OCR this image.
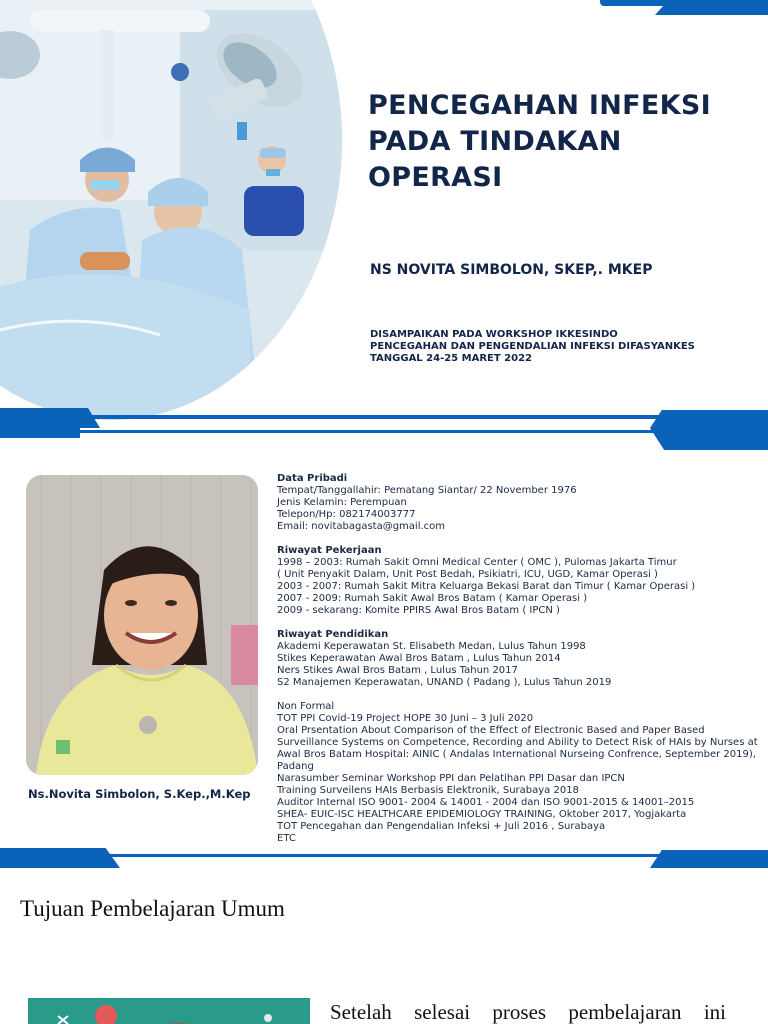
PENCEGAHAN INFEKSI
PADA TINDAKAN
OPERASI
NS NOVITA SIMBOLON, SKEP,. MKEP
DISAMPAIKAN PADA WORKSHOP IKKESINDO
PENCEGAHAN DAN PENGENDALIAN INFEKSI DIFASYANKES
TANGGAL 24-25 MARET 2022
Ns.Novita Simbolon, S.Kep.,M.Kep
Data Pribadi
Tempat/Tanggallahir: Pematang Siantar/ 22 November 1976
Jenis Kelamin: Perempuan
Telepon/Hp: 082174003777
Email: novitabagasta@gmail.com
Riwayat Pekerjaan
1998 – 2003: Rumah Sakit Omni Medical Center ( OMC ), Pulomas Jakarta Timur
( Unit Penyakit Dalam, Unit Post Bedah, Psikiatri, ICU, UGD, Kamar Operasi )
2003 - 2007: Rumah Sakit Mitra Keluarga Bekasi Barat dan Timur ( Kamar Operasi )
2007 - 2009: Rumah Sakit Awal Bros Batam ( Kamar Operasi )
2009 - sekarang: Komite PPIRS Awal Bros Batam ( IPCN )
Riwayat Pendidikan
Akademi Keperawatan St. Elisabeth Medan, Lulus Tahun 1998
Stikes Keperawatan Awal Bros Batam , Lulus Tahun 2014
Ners Stikes Awal Bros Batam , Lulus Tahun 2017
S2 Manajemen Keperawatan, UNAND ( Padang ), Lulus Tahun 2019
Non Formal
TOT PPI Covid-19 Project HOPE 30 Juni – 3 Juli 2020
Oral Prsentation About Comparison of the Effect of Electronic Based and Paper Based
Surveillance Systems on Competence, Recording and Ability to Detect Risk of HAIs by Nurses at
Awal Bros Batam Hospital: AINIC ( Andalas International Nurseing Confrence, September 2019),
Padang
Narasumber Seminar Workshop PPI dan Pelatihan PPI Dasar dan IPCN
Training Surveilens HAIs Berbasis Elektronik, Surabaya 2018
Auditor Internal ISO 9001- 2004 & 14001 - 2004 dan ISO 9001-2015 & 14001–2015
SHEA- EUIC-ISC HEALTHCARE EPIDEMIOLOGY TRAINING, Oktober 2017, Yogjakarta
TOT Pencegahan dan Pengendalian Infeksi + Juli 2016 , Surabaya
ETC
Tujuan Pembelajaran Umum
Setelah selesai proses pembelajaran ini
